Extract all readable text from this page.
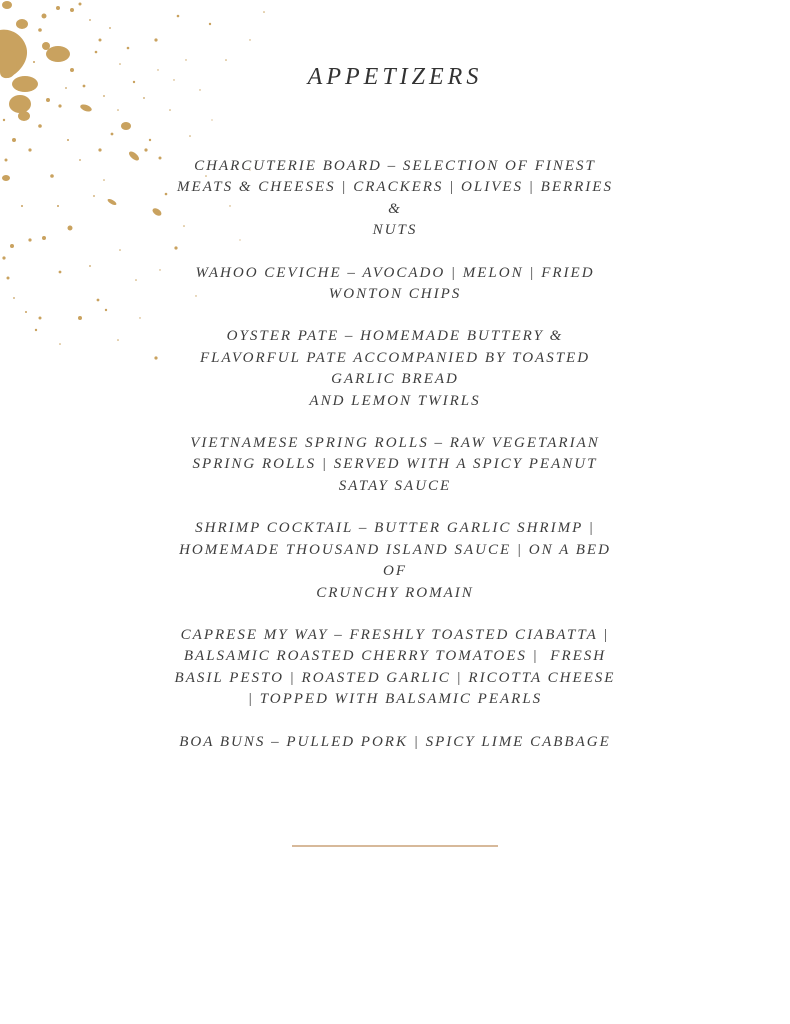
APPETIZERS
CHARCUTERIE BOARD – SELECTION OF FINEST
MEATS & CHEESES | CRACKERS | OLIVES | BERRIES
&
NUTS
WAHOO CEVICHE – AVOCADO | MELON | FRIED
WONTON CHIPS
OYSTER PATE – HOMEMADE BUTTERY &
FLAVORFUL PATE ACCOMPANIED BY TOASTED
GARLIC BREAD
AND LEMON TWIRLS
VIETNAMESE SPRING ROLLS – RAW VEGETARIAN
SPRING ROLLS | SERVED WITH A SPICY PEANUT
SATAY SAUCE
SHRIMP COCKTAIL – BUTTER GARLIC SHRIMP |
HOMEMADE THOUSAND ISLAND SAUCE | ON A BED
OF
CRUNCHY ROMAIN
CAPRESE MY WAY – FRESHLY TOASTED CIABATTA |
BALSAMIC ROASTED CHERRY TOMATOES |  FRESH
BASIL PESTO | ROASTED GARLIC | RICOTTA CHEESE
| TOPPED WITH BALSAMIC PEARLS
BOA BUNS – PULLED PORK | SPICY LIME CABBAGE
